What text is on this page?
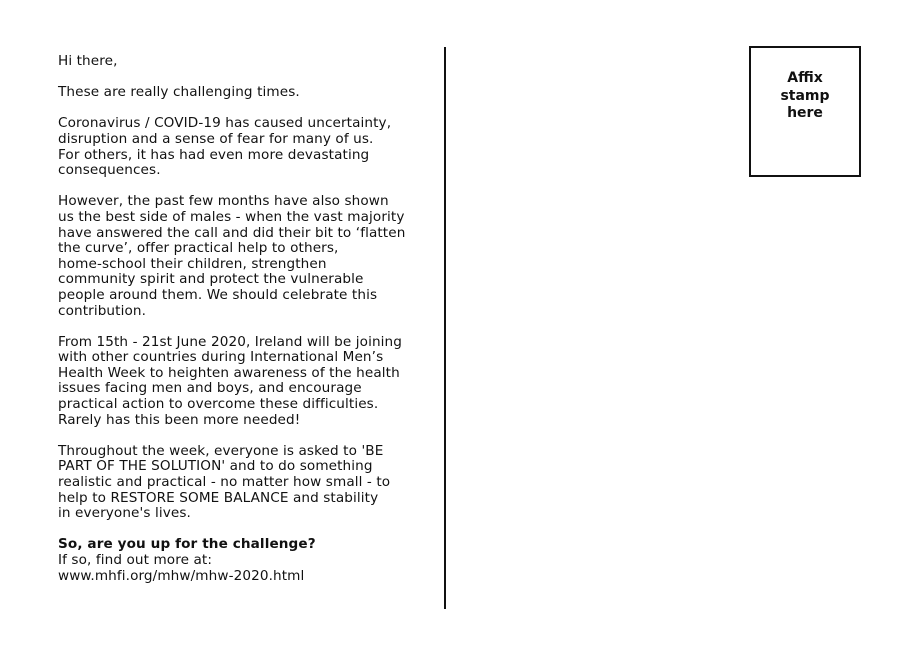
Hi there,

These are really challenging times.

Coronavirus / COVID-19 has caused uncertainty,
disruption and a sense of fear for many of us.
For others, it has had even more devastating
consequences.

However, the past few months have also shown
us the best side of males - when the vast majority
have answered the call and did their bit to ‘flatten
the curve’, offer practical help to others,
home-school their children, strengthen
community spirit and protect the vulnerable
people around them. We should celebrate this
contribution.

From 15th - 21st June 2020, Ireland will be joining
with other countries during International Men’s
Health Week to heighten awareness of the health
issues facing men and boys, and encourage
practical action to overcome these difficulties.
Rarely has this been more needed!

Throughout the week, everyone is asked to 'BE
PART OF THE SOLUTION' and to do something
realistic and practical - no matter how small - to
help to RESTORE SOME BALANCE and stability
in everyone's lives.

So, are you up for the challenge?
If so, find out more at:
www.mhfi.org/mhw/mhw-2020.html

Affix
stamp
here
